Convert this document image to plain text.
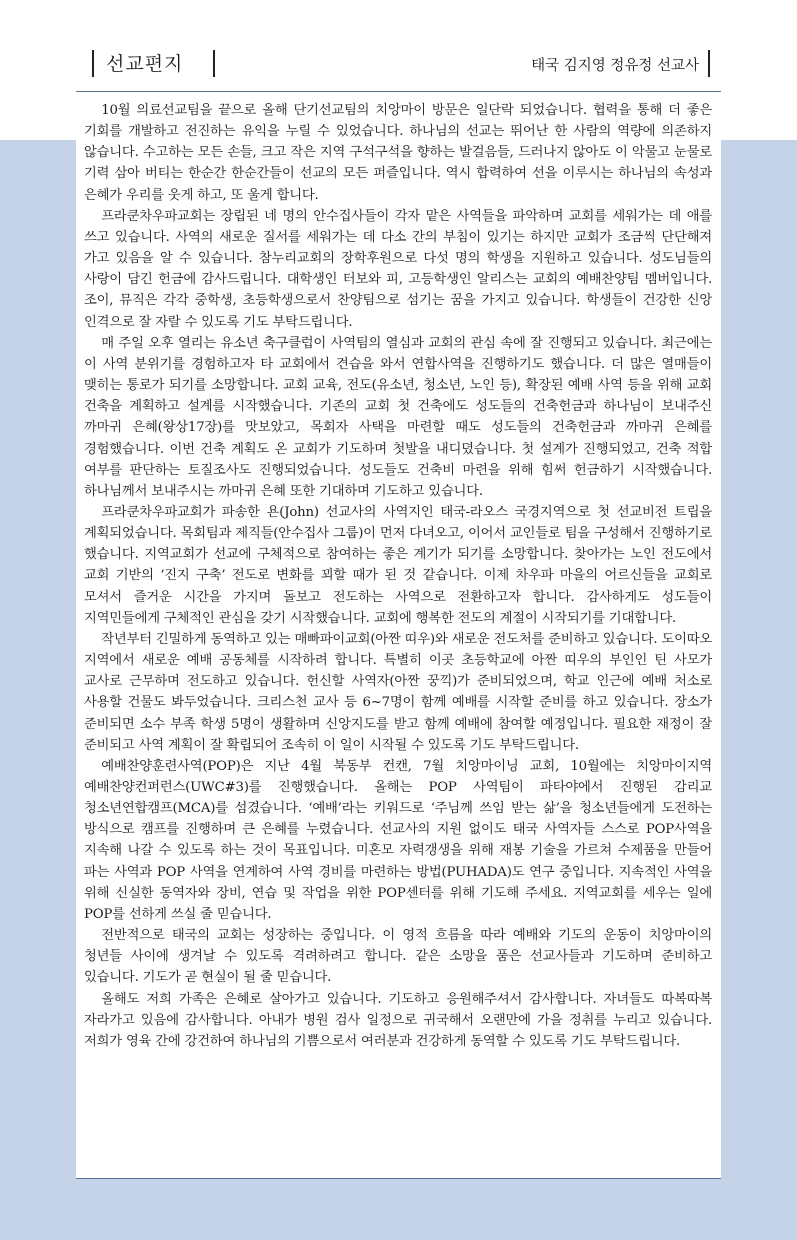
선교편지	태국 김지영 정유정 선교사

10월 의료선교팀을 끝으로 올해 단기선교팀의 치앙마이 방문은 일단락 되었습니다. 협력을 통해 더 좋은 기회를 개발하고 전진하는 유익을 누릴 수 있었습니다. 하나님의 선교는 뛰어난 한 사람의 역량에 의존하지 않습니다. 수고하는 모든 손들, 크고 작은 지역 구석구석을 향하는 발걸음들, 드러나지 않아도 이 악물고 눈물로 기력 삼아 버티는 한순간 한순간들이 선교의 모든 퍼즐입니다. 역시 합력하여 선을 이루시는 하나님의 속성과 은혜가 우리를 웃게 하고, 또 울게 합니다.

프라쿤차우파교회는 장립된 네 명의 안수집사들이 각자 맡은 사역들을 파악하며 교회를 세워가는 데 애를 쓰고 있습니다. 사역의 새로운 질서를 세워가는 데 다소 간의 부침이 있기는 하지만 교회가 조금씩 단단해져 가고 있음을 알 수 있습니다. 참누리교회의 장학후원으로 다섯 명의 학생을 지원하고 있습니다. 성도님들의 사랑이 담긴 헌금에 감사드립니다. 대학생인 터보와 피, 고등학생인 알리스는 교회의 예배찬양팀 멤버입니다. 조이, 뮤직은 각각 중학생, 초등학생으로서 찬양팀으로 섬기는 꿈을 가지고 있습니다. 학생들이 건강한 신앙 인격으로 잘 자랄 수 있도록 기도 부탁드립니다.

매 주일 오후 열리는 유소년 축구클럽이 사역팀의 열심과 교회의 관심 속에 잘 진행되고 있습니다. 최근에는 이 사역 분위기를 경험하고자 타 교회에서 견습을 와서 연합사역을 진행하기도 했습니다. 더 많은 열매들이 맺히는 통로가 되기를 소망합니다. 교회 교육, 전도(유소년, 청소년, 노인 등), 확장된 예배 사역 등을 위해 교회 건축을 계획하고 설계를 시작했습니다. 기존의 교회 첫 건축에도 성도들의 건축헌금과 하나님이 보내주신 까마귀 은혜(왕상17장)를 맛보았고, 목회자 사택을 마련할 때도 성도들의 건축헌금과 까마귀 은혜를 경험했습니다. 이번 건축 계획도 온 교회가 기도하며 첫발을 내디뎠습니다. 첫 설계가 진행되었고, 건축 적합 여부를 판단하는 토질조사도 진행되었습니다. 성도들도 건축비 마련을 위해 힘써 헌금하기 시작했습니다. 하나님께서 보내주시는 까마귀 은혜 또한 기대하며 기도하고 있습니다.

프라쿤차우파교회가 파송한 욘(John) 선교사의 사역지인 태국-라오스 국경지역으로 첫 선교비전 트립을 계획되었습니다. 목회팀과 제직들(안수집사 그룹)이 먼저 다녀오고, 이어서 교인들로 팀을 구성해서 진행하기로 했습니다. 지역교회가 선교에 구체적으로 참여하는 좋은 계기가 되기를 소망합니다. 찾아가는 노인 전도에서 교회 기반의 ‘진지 구축’ 전도로 변화를 꾀할 때가 된 것 같습니다. 이제 차우파 마을의 어르신들을 교회로 모셔서 즐거운 시간을 가지며 돌보고 전도하는 사역으로 전환하고자 합니다. 감사하게도 성도들이 지역민들에게 구체적인 관심을 갖기 시작했습니다. 교회에 행복한 전도의 계절이 시작되기를 기대합니다.

작년부터 긴밀하게 동역하고 있는 매빠파이교회(아짠 띠우)와 새로운 전도처를 준비하고 있습니다. 도이따오 지역에서 새로운 예배 공동체를 시작하려 합니다. 특별히 이곳 초등학교에 아짠 띠우의 부인인 틴 사모가 교사로 근무하며 전도하고 있습니다. 헌신할 사역자(아짠 꿍끽)가 준비되었으며, 학교 인근에 예배 처소로 사용할 건물도 봐두었습니다. 크리스천 교사 등 6~7명이 함께 예배를 시작할 준비를 하고 있습니다. 장소가 준비되면 소수 부족 학생 5명이 생활하며 신앙지도를 받고 함께 예배에 참여할 예정입니다. 필요한 재정이 잘 준비되고 사역 계획이 잘 확립되어 조속히 이 일이 시작될 수 있도록 기도 부탁드립니다.

예배찬양훈련사역(POP)은 지난 4월 북동부 컨캔, 7월 치앙마이닝 교회, 10월에는 치앙마이지역 예배찬양컨퍼런스(UWC#3)를 진행했습니다. 올해는 POP 사역팀이 파타야에서 진행된 감리교 청소년연합캠프(MCA)를 섬겼습니다. ‘예배’라는 키워드로 ‘주님께 쓰임 받는 삶’을 청소년들에게 도전하는 방식으로 캠프를 진행하며 큰 은혜를 누렸습니다. 선교사의 지원 없이도 태국 사역자들 스스로 POP사역을 지속해 나갈 수 있도록 하는 것이 목표입니다. 미혼모 자력갱생을 위해 재봉 기술을 가르쳐 수제품을 만들어 파는 사역과 POP 사역을 연계하여 사역 경비를 마련하는 방법(PUHADA)도 연구 중입니다. 지속적인 사역을 위해 신실한 동역자와 장비, 연습 및 작업을 위한 POP센터를 위해 기도해 주세요. 지역교회를 세우는 일에 POP를 선하게 쓰실 줄 믿습니다.

전반적으로 태국의 교회는 성장하는 중입니다. 이 영적 흐름을 따라 예배와 기도의 운동이 치앙마이의 청년들 사이에 생겨날 수 있도록 격려하려고 합니다. 같은 소망을 품은 선교사들과 기도하며 준비하고 있습니다. 기도가 곧 현실이 될 줄 믿습니다.

올해도 저희 가족은 은혜로 살아가고 있습니다. 기도하고 응원해주셔서 감사합니다. 자녀들도 따복따복 자라가고 있음에 감사합니다. 아내가 병원 검사 일정으로 귀국해서 오랜만에 가을 정취를 누리고 있습니다. 저희가 영육 간에 강건하여 하나님의 기쁨으로서 여러분과 건강하게 동역할 수 있도록 기도 부탁드립니다.
